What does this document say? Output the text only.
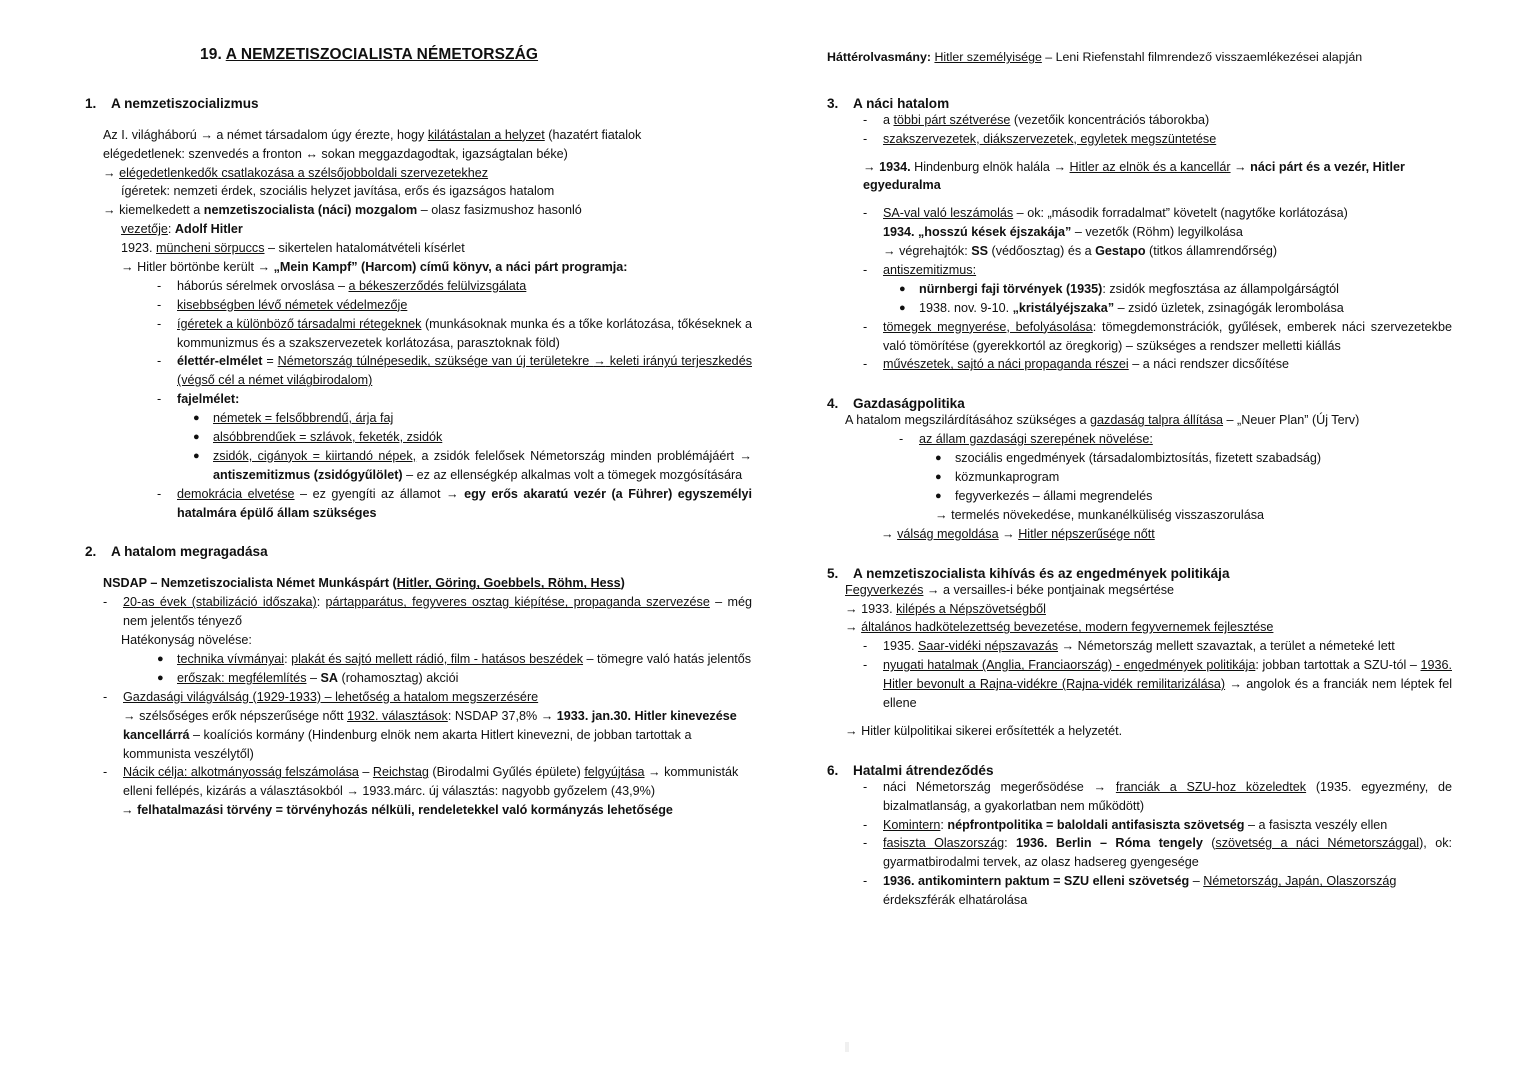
19. A NEMZETISZOCIALISTA NÉMETORSZÁG	Háttérolvasmány: Hitler személyisége – Leni Riefenstahl filmrendező visszaemlékezései alapján
1.	A nemzetiszocializmus

Az I. világháború → a német társadalom úgy érezte, hogy kilátástalan a helyzet (hazatért fiatalok

elégedetlenek: szenvedés a fronton ↔ sokan meggazdagodtak, igazságtalan béke)

→ elégedetlenkedők csatlakozása a szélsőjobboldali szervezetekhez

ígéretek: nemzeti érdek, szociális helyzet javítása, erős és igazságos hatalom

→ kiemelkedett a nemzetiszocialista (náci) mozgalom – olasz fasizmushoz hasonló

vezetője: Adolf Hitler

1923. müncheni sörpuccs – sikertelen hatalomátvételi kísérlet

→ Hitler börtönbe került → „Mein Kampf” (Harcom) című könyv, a náci párt programja:

-	háborús sérelmek orvoslása – a békeszerződés felülvizsgálata
-	kisebbségben lévő németek védelmezője
-	ígéretek a különböző társadalmi rétegeknek (munkásoknak munka és a tőke korlátozása, tőkéseknek a kommunizmus és a szakszervezetek korlátozása, parasztoknak föld)
-	élettér-elmélet = Németország túlnépesedik, szüksége van új területekre → keleti irányú terjeszkedés (végső cél a német világbirodalom)
-	fajelmélet:
●	németek = felsőbbrendű, árja faj
●	alsóbbrendűek = szlávok, feketék, zsidók
●	zsidók, cigányok = kiirtandó népek, a zsidók felelősek Németország minden problémájáért → antiszemitizmus (zsidógyűlölet) – ez az ellenségkép alkalmas volt a tömegek mozgósítására
-	demokrácia elvetése – ez gyengíti az államot → egy erős akaratú vezér (a Führer) egyszemélyi hatalmára épülő állam szükséges
2.	A hatalom megragadása

NSDAP – Nemzetiszocialista Német Munkáspárt (Hitler, Göring, Goebbels, Röhm, Hess)

-	20-as évek (stabilizáció időszaka): pártapparátus, fegyveres osztag kiépítése, propaganda szervezése – még nem jelentős tényező

Hatékonyság növelése:

●	technika vívmányai: plakát és sajtó mellett rádió, film - hatásos beszédek – tömegre való hatás jelentős
●	erőszak: megfélemlítés – SA (rohamosztag) akciói
-	Gazdasági világválság (1929-1933) – lehetőség a hatalom megszerzésére
→ szélsőséges erők népszerűsége nőtt 1932. választások: NSDAP 37,8% → 1933. jan.30. Hitler kinevezése kancellárrá – koalíciós kormány (Hindenburg elnök nem akarta Hitlert kinevezni, de jobban tartottak a kommunista veszélytől)
-	Nácik célja: alkotmányosság felszámolása – Reichstag (Birodalmi Gyűlés épülete) felgyújtása → kommunisták elleni fellépés, kizárás a választásokból → 1933.márc. új választás: nagyobb győzelem (43,9%)

→ felhatalmazási törvény = törvényhozás nélküli, rendeletekkel való kormányzás lehetősége

3.	A náci hatalom
-	a többi párt szétverése (vezetőik koncentrációs táborokba)
-	szakszervezetek, diákszervezetek, egyletek megszüntetése

→ 1934. Hindenburg elnök halála → Hitler az elnök és a kancellár → náci párt és a vezér, Hitler egyeduralma

-	SA-val való leszámolás – ok: „második forradalmat” követelt (nagytőke korlátozása)
1934. „hosszú kések éjszakája” – vezetők (Röhm) legyilkolása
→ végrehajtók: SS (védőosztag) és a Gestapo (titkos államrendőrség)
-	antiszemitizmus:
●	nürnbergi faji törvények (1935): zsidók megfosztása az állampolgárságtól
●	1938. nov. 9-10. „kristályéjszaka” – zsidó üzletek, zsinagógák lerombolása
-	tömegek megnyerése, befolyásolása: tömegdemonstrációk, gyűlések, emberek náci szervezetekbe való tömörítése (gyerekkortól az öregkorig) – szükséges a rendszer melletti kiállás
-	művészetek, sajtó a náci propaganda részei – a náci rendszer dicsőítése
4.	Gazdaságpolitika

A hatalom megszilárdításához szükséges a gazdaság talpra állítása – „Neuer Plan” (Új Terv)

-	az állam gazdasági szerepének növelése:
●	szociális engedmények (társadalombiztosítás, fizetett szabadság)
●	közmunkaprogram
●	fegyverkezés – állami megrendelés

→ termelés növekedése, munkanélküliség visszaszorulása

→ válság megoldása → Hitler népszerűsége nőtt

5.	A nemzetiszocialista kihívás és az engedmények politikája

Fegyverkezés → a versailles-i béke pontjainak megsértése

→ 1933. kilépés a Népszövetségből

→ általános hadkötelezettség bevezetése, modern fegyvernemek fejlesztése

-	1935. Saar-vidéki népszavazás → Németország mellett szavaztak, a terület a németeké lett
-	nyugati hatalmak (Anglia, Franciaország) - engedmények politikája: jobban tartottak a SZU-tól – 1936. Hitler bevonult a Rajna-vidékre (Rajna-vidék remilitarizálása) → angolok és a franciák nem léptek fel ellene

→ Hitler külpolitikai sikerei erősítették a helyzetét.

6.	Hatalmi átrendeződés
-	náci Németország megerősödése → franciák a SZU-hoz közeledtek (1935. egyezmény, de bizalmatlanság, a gyakorlatban nem működött)
-	Komintern: népfrontpolitika = baloldali antifasiszta szövetség – a fasiszta veszély ellen
-	fasiszta Olaszország: 1936. Berlin – Róma tengely (szövetség a náci Németországgal), ok: gyarmatbirodalmi tervek, az olasz hadsereg gyengesége
-	1936. antikomintern paktum = SZU elleni szövetség – Németország, Japán, Olaszország érdekszférák elhatárolása
